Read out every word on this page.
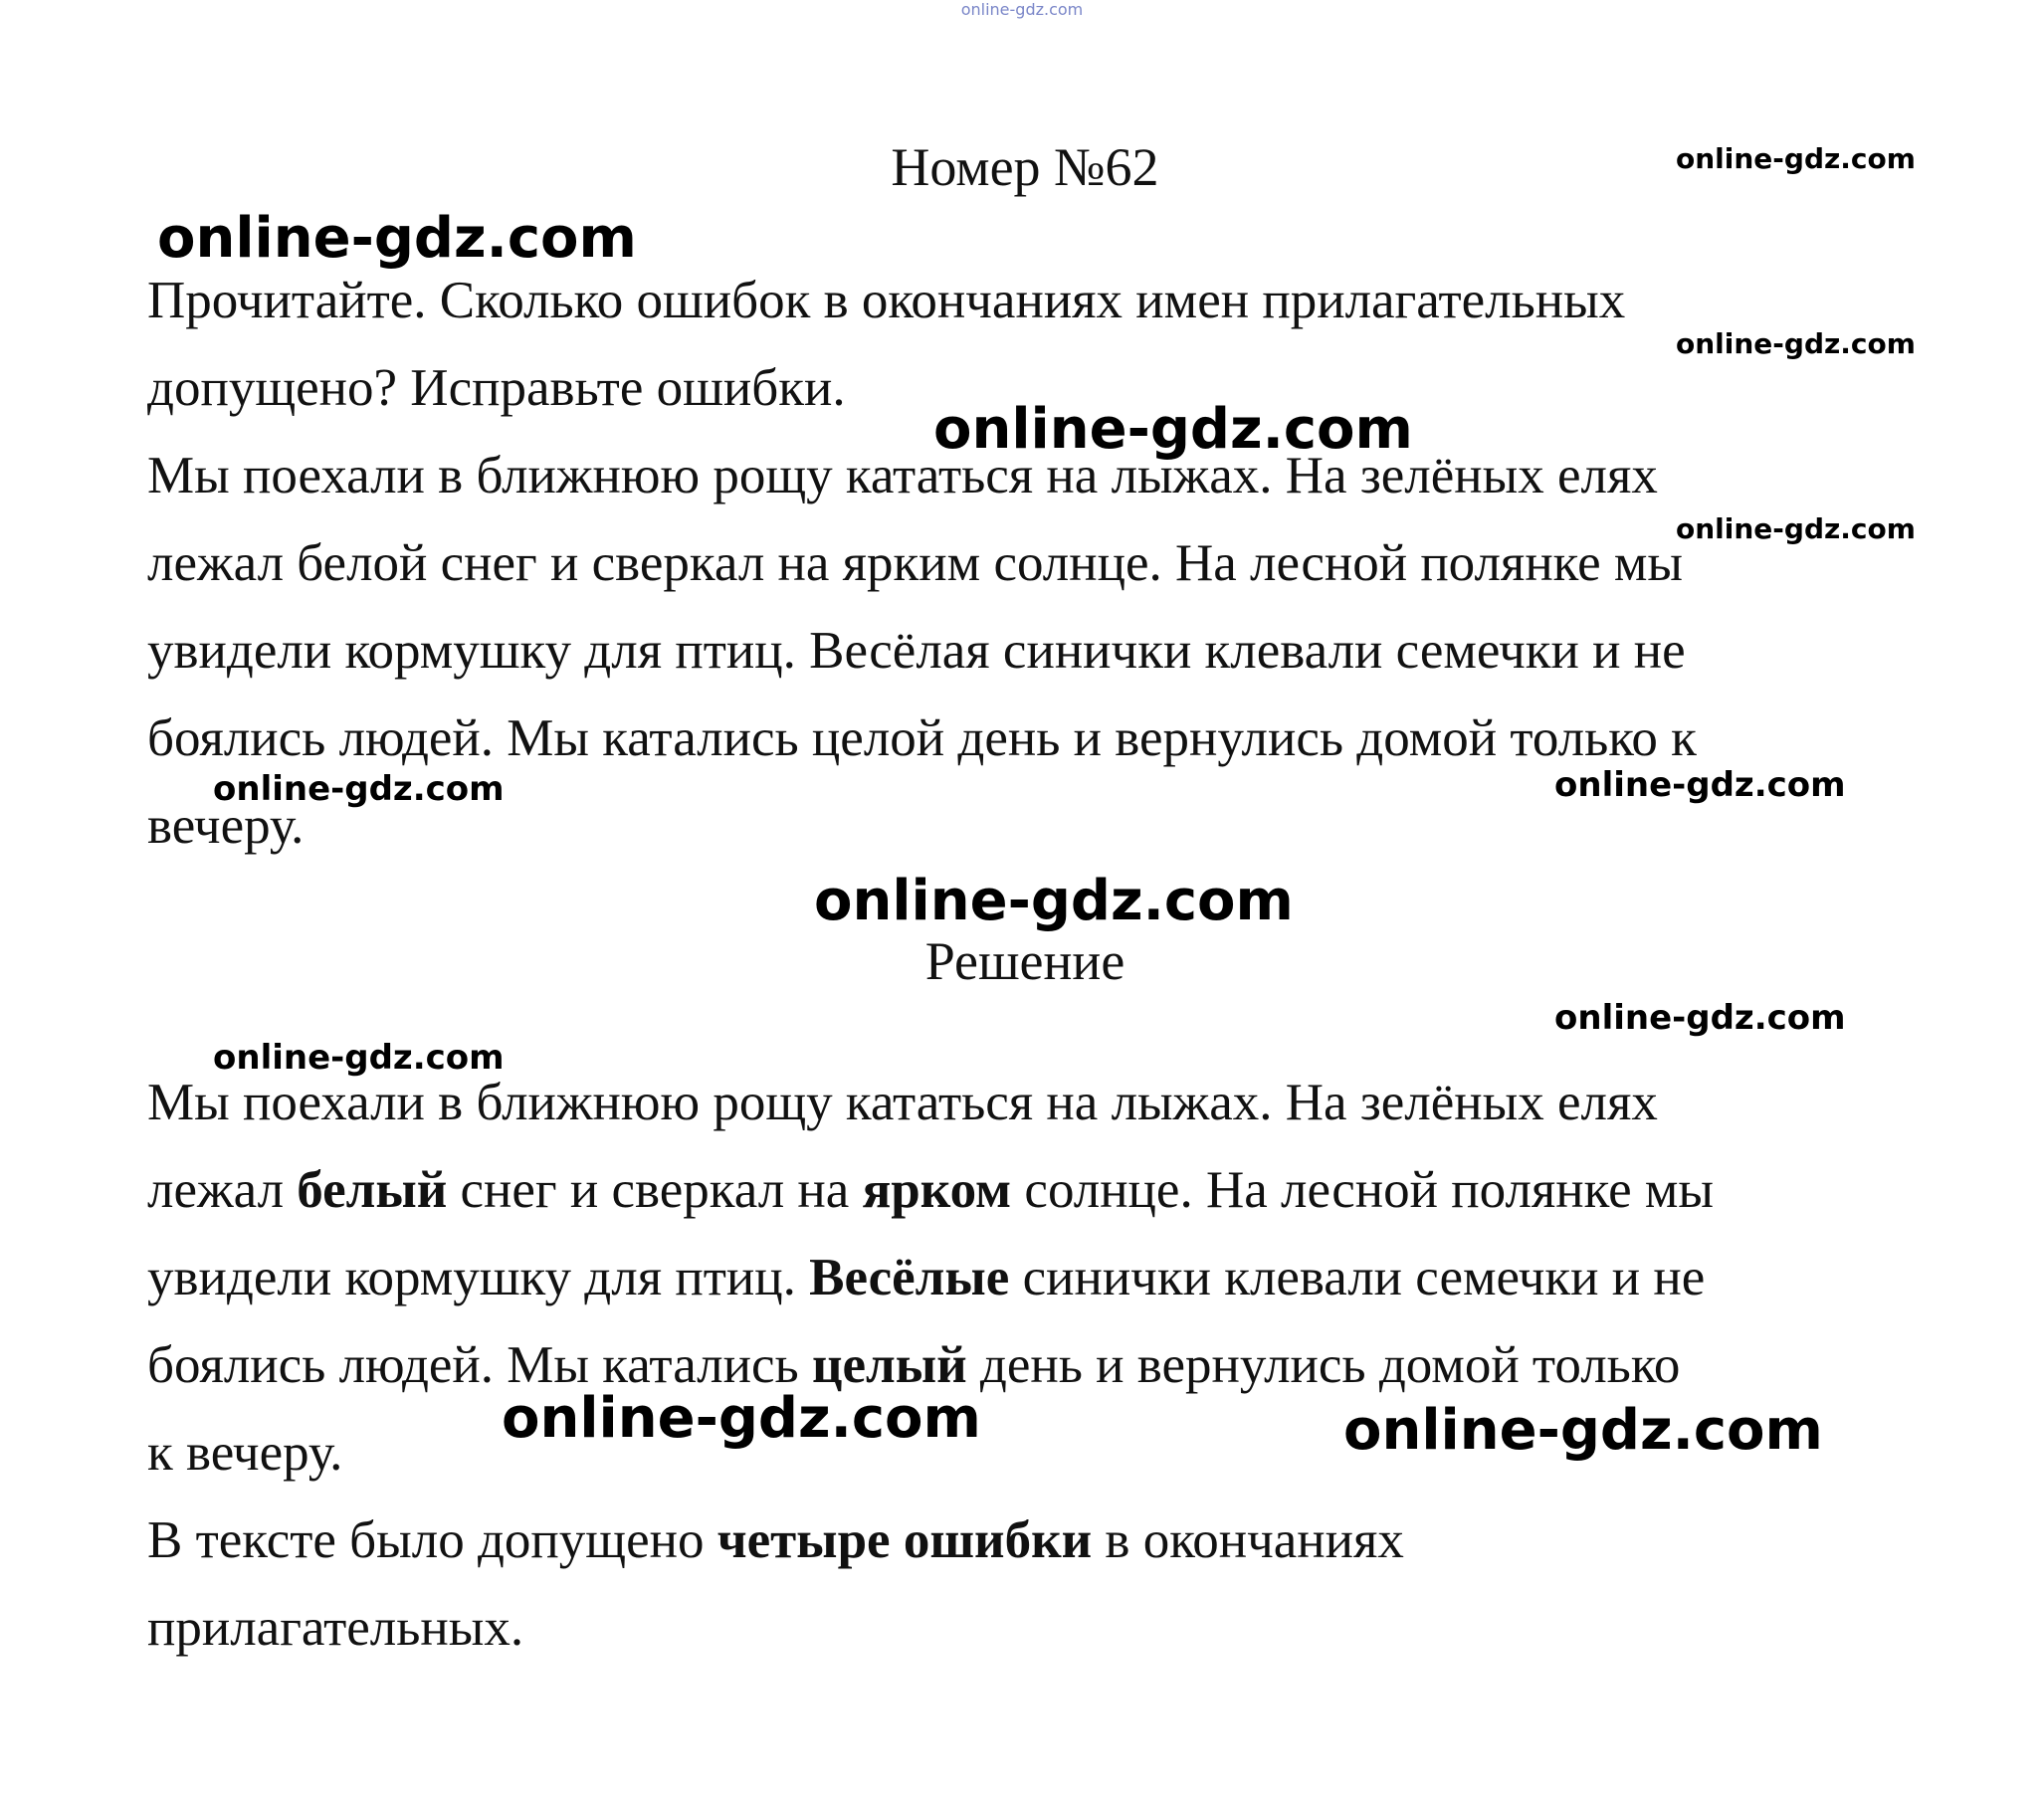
online-gdz.com
Номер №62
Прочитайте. Сколько ошибок в окончаниях имен прилагательных
допущено? Исправьте ошибки.
Мы поехали в ближнюю рощу кататься на лыжах. На зелёных елях
лежал белой снег и сверкал на ярким солнце. На лесной полянке мы
увидели кормушку для птиц. Весёлая синички клевали семечки и не
боялись людей. Мы катались целой день и вернулись домой только к
вечеру.
Решение
Мы поехали в ближнюю рощу кататься на лыжах. На зелёных елях
лежал белый снег и сверкал на ярком солнце. На лесной полянке мы
увидели кормушку для птиц. Весёлые синички клевали семечки и не
боялись людей. Мы катались целый день и вернулись домой только
к вечеру.
В тексте было допущено четыре ошибки в окончаниях
прилагательных.
online-gdz.com
online-gdz.com
online-gdz.com
online-gdz.com
online-gdz.com
online-gdz.com	online-gdz.com
online-gdz.com
online-gdz.com
online-gdz.com
online-gdz.com	online-gdz.com
